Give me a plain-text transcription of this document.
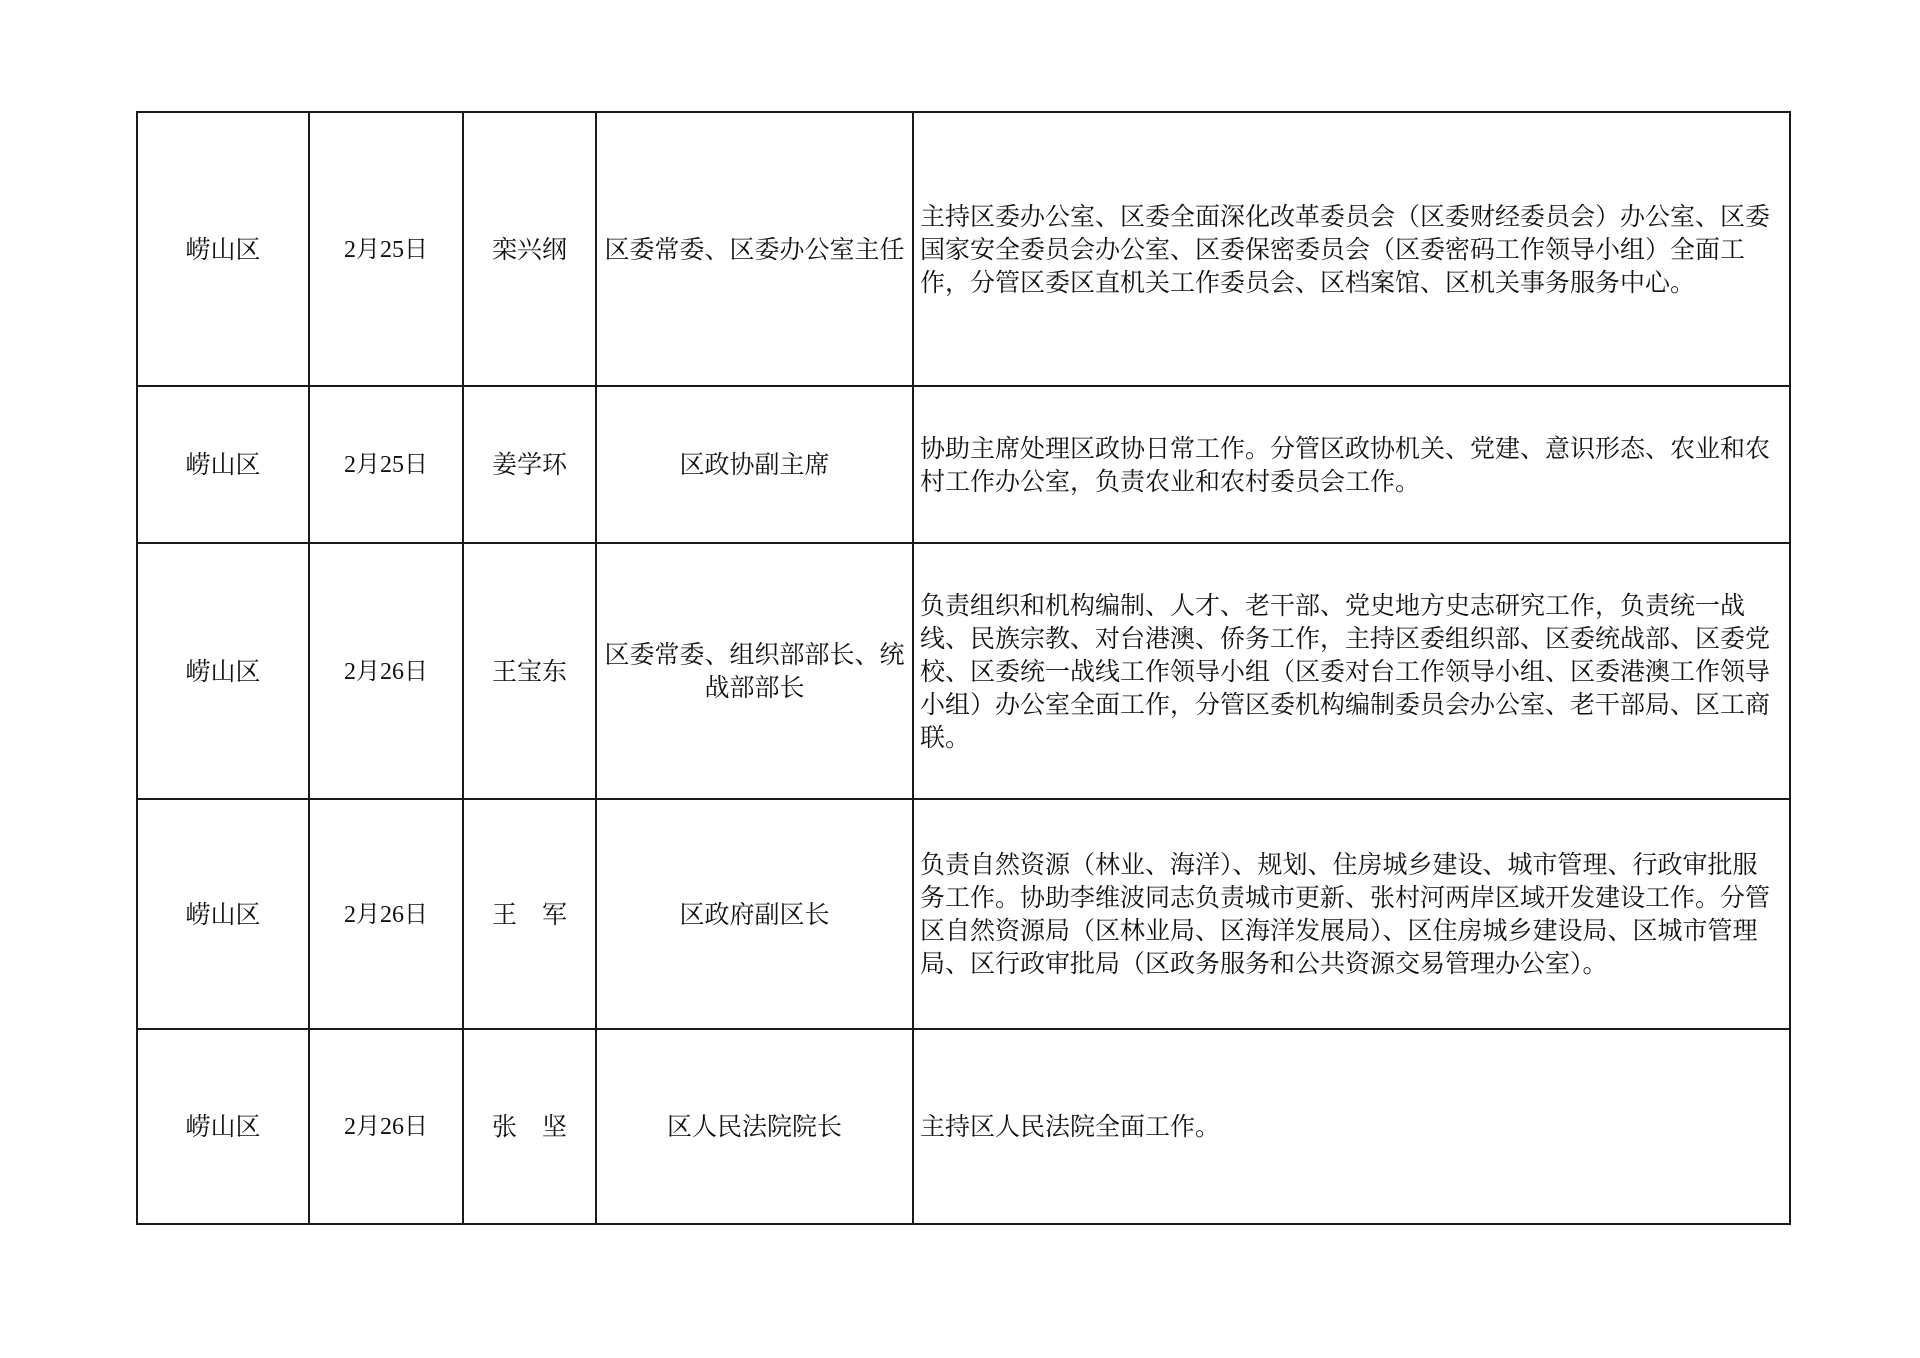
崂山区	2月25日	栾兴纲	区委常委、区委办公室主任	主持区委办公室、区委全面深化改革委员会（区委财经委员会）办公室、区委国家安全委员会办公室、区委保密委员会（区委密码工作领导小组）全面工作，分管区委区直机关工作委员会、区档案馆、区机关事务服务中心。
崂山区	2月25日	姜学环	区政协副主席	协助主席处理区政协日常工作。分管区政协机关、党建、意识形态、农业和农村工作办公室，负责农业和农村委员会工作。
崂山区	2月26日	王宝东	区委常委、组织部部长、统战部部长	负责组织和机构编制、人才、老干部、党史地方史志研究工作，负责统一战线、民族宗教、对台港澳、侨务工作，主持区委组织部、区委统战部、区委党校、区委统一战线工作领导小组（区委对台工作领导小组、区委港澳工作领导小组）办公室全面工作，分管区委机构编制委员会办公室、老干部局、区工商联。
崂山区	2月26日	王　军	区政府副区长	负责自然资源（林业、海洋）、规划、住房城乡建设、城市管理、行政审批服务工作。协助李维波同志负责城市更新、张村河两岸区域开发建设工作。分管区自然资源局（区林业局、区海洋发展局）、区住房城乡建设局、区城市管理局、区行政审批局（区政务服务和公共资源交易管理办公室）。
崂山区	2月26日	张　坚	区人民法院院长	主持区人民法院全面工作。
